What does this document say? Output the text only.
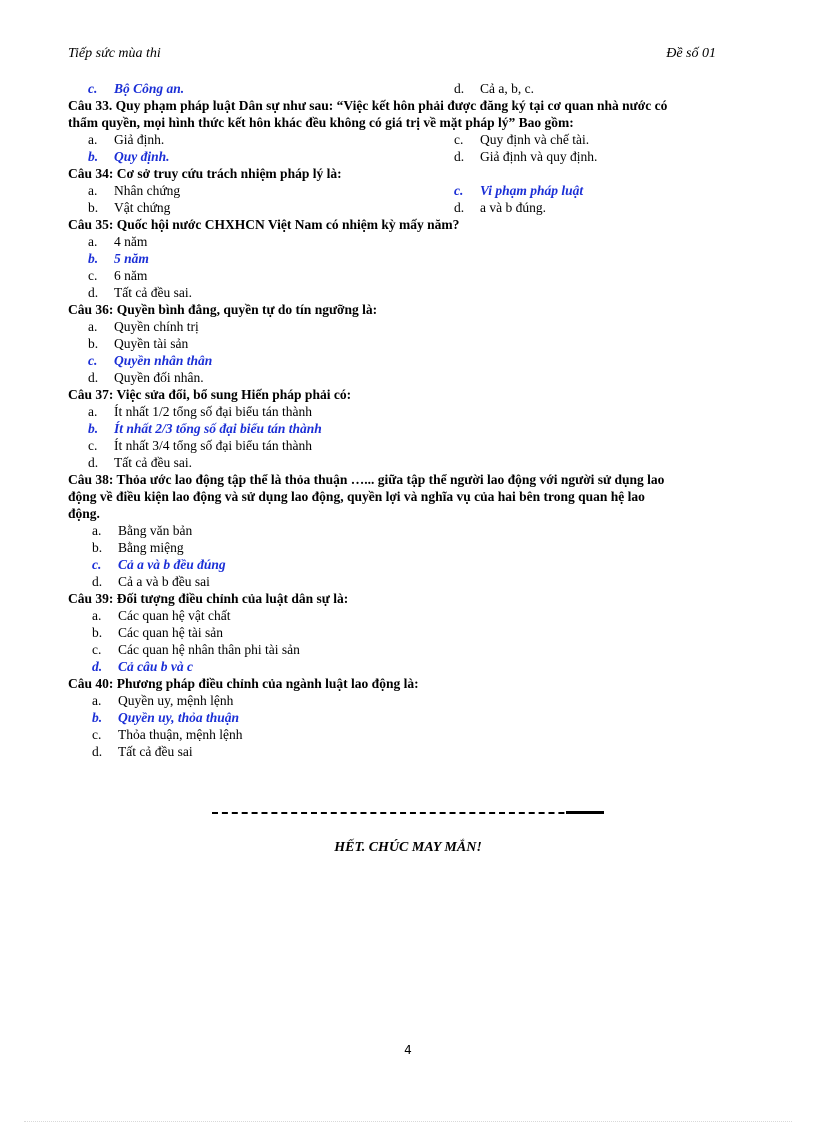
Tiếp sức mùa thi	Đề số 01
c. Bộ Công an.	d. Cả a, b, c.
Câu 33. Quy phạm pháp luật Dân sự như sau: “Việc kết hôn phải được đăng ký tại cơ quan nhà nước có
thẩm quyền, mọi hình thức kết hôn khác đều không có giá trị về mặt pháp lý” Bao gồm:
a. Giả định.	c. Quy định và chế tài.
b. Quy định.	d. Giả định và quy định.
Câu 34: Cơ sở truy cứu trách nhiệm pháp lý là:
a. Nhân chứng	c. Vi phạm pháp luật
b. Vật chứng	d. a và b đúng.
Câu 35: Quốc hội nước CHXHCN Việt Nam có nhiệm kỳ mấy năm?
a. 4 năm
b. 5 năm
c. 6 năm
d. Tất cả đều sai.
Câu 36: Quyền bình đẳng, quyền tự do tín ngưỡng là:
a. Quyền chính trị
b. Quyền tài sản
c. Quyền nhân thân
d. Quyền đối nhân.
Câu 37: Việc sửa đổi, bổ sung Hiến pháp phải có:
a. Ít nhất 1/2 tổng số đại biểu tán thành
b. Ít nhất 2/3 tổng số đại biểu tán thành
c. Ít nhất 3/4 tổng số đại biểu tán thành
d. Tất cả đều sai.
Câu 38: Thỏa ước lao động tập thể là thỏa thuận …... giữa tập thể người lao động với người sử dụng lao
động về điều kiện lao động và sử dụng lao động, quyền lợi và nghĩa vụ của hai bên trong quan hệ lao
động.
a. Bằng văn bản
b. Bằng miệng
c. Cả a và b đều đúng
d. Cả a và b đều sai
Câu 39: Đối tượng điều chỉnh của luật dân sự là:
a. Các quan hệ vật chất
b. Các quan hệ tài sản
c. Các quan hệ nhân thân phi tài sản
d. Cả câu b và c
Câu 40: Phương pháp điều chỉnh của ngành luật lao động là:
a. Quyền uy, mệnh lệnh
b. Quyền uy, thỏa thuận
c. Thỏa thuận, mệnh lệnh
d. Tất cả đều sai
HẾT. CHÚC MAY MẮN!
4
